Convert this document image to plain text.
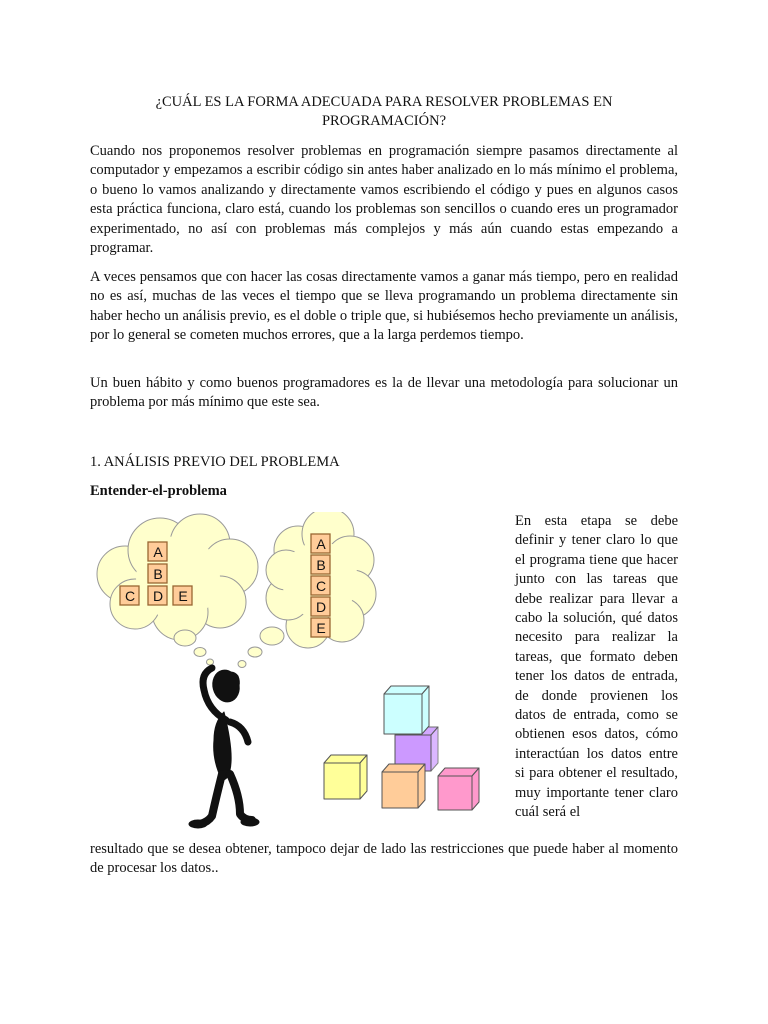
¿CUÁL ES LA FORMA ADECUADA PARA RESOLVER PROBLEMAS EN
PROGRAMACIÓN?

Cuando nos proponemos resolver problemas en programación siempre pasamos directamente al computador y empezamos a escribir código sin antes haber analizado en lo más mínimo el problema, o bueno lo vamos analizando y directamente vamos escribiendo el código y pues en algunos casos esta práctica funciona, claro está, cuando los problemas son sencillos o cuando eres un programador experimentado, no así con problemas más complejos y más aún cuando estas empezando a programar.

A veces pensamos que con hacer las cosas directamente vamos a ganar más tiempo, pero en realidad no es así, muchas de las veces el tiempo que se lleva programando un problema directamente sin haber hecho un análisis previo, es el doble o triple que, si hubiésemos hecho previamente un análisis, por lo general se cometen muchos errores, que a la larga perdemos tiempo.

Un buen hábito y como buenos programadores es la de llevar una metodología para solucionar un problema por más mínimo que este sea.

1. ANÁLISIS PREVIO DEL PROBLEMA
Entender-el-problema
A
B
C D E
A
B
C
D
E

En esta etapa se debe definir y tener claro lo que el programa tiene que hacer junto con las tareas que debe realizar para llevar a cabo la solución, qué datos necesito para realizar la tareas, que formato deben tener los datos de entrada, de donde provienen los datos de entrada, como se obtienen esos datos, cómo interactúan los datos entre si para obtener el resultado, muy importante tener claro cuál será el

resultado que se desea obtener, tampoco dejar de lado las restricciones que puede haber al momento de procesar los datos..
